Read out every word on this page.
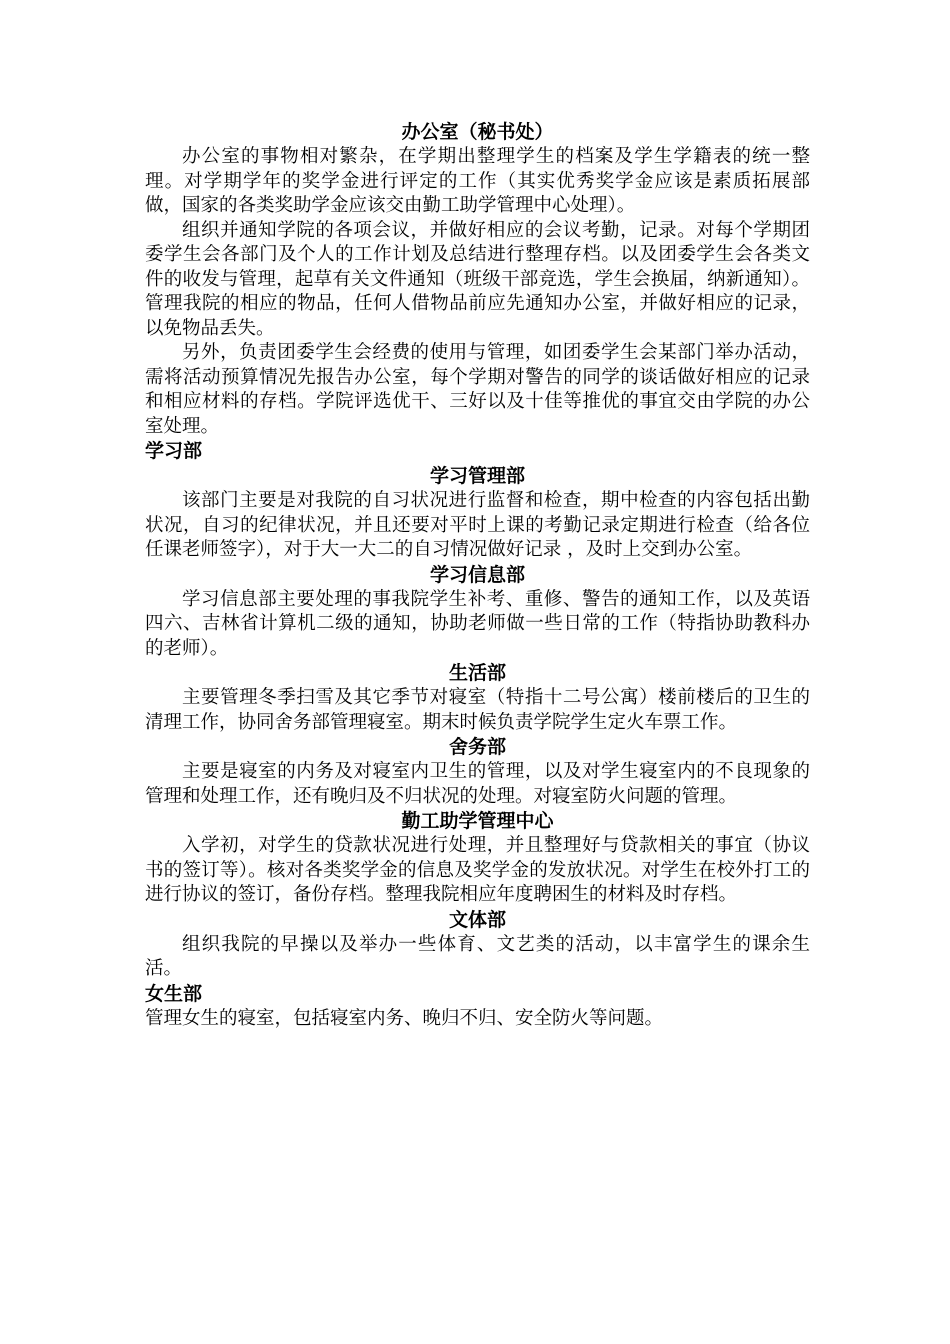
办公室（秘书处）

办公室的事物相对繁杂，在学期出整理学生的档案及学生学籍表的统一整理。对学期学年的奖学金进行评定的工作（其实优秀奖学金应该是素质拓展部做，国家的各类奖助学金应该交由勤工助学管理中心处理）。

组织并通知学院的各项会议，并做好相应的会议考勤，记录。对每个学期团委学生会各部门及个人的工作计划及总结进行整理存档。以及团委学生会各类文件的收发与管理，起草有关文件通知（班级干部竞选，学生会换届，纳新通知）。管理我院的相应的物品，任何人借物品前应先通知办公室，并做好相应的记录，以免物品丢失。

另外，负责团委学生会经费的使用与管理，如团委学生会某部门举办活动，需将活动预算情况先报告办公室，每个学期对警告的同学的谈话做好相应的记录和相应材料的存档。学院评选优干、三好以及十佳等推优的事宜交由学院的办公室处理。

学习部
学习管理部

该部门主要是对我院的自习状况进行监督和检查，期中检查的内容包括出勤状况，自习的纪律状况，并且还要对平时上课的考勤记录定期进行检查（给各位任课老师签字），对于大一大二的自习情况做好记录 ，及时上交到办公室。

学习信息部

学习信息部主要处理的事我院学生补考、重修、警告的通知工作，以及英语四六、吉林省计算机二级的通知，协助老师做一些日常的工作（特指协助教科办的老师）。

生活部

主要管理冬季扫雪及其它季节对寝室（特指十二号公寓）楼前楼后的卫生的清理工作，协同舍务部管理寝室。期末时候负责学院学生定火车票工作。

舍务部

主要是寝室的内务及对寝室内卫生的管理，以及对学生寝室内的不良现象的管理和处理工作，还有晚归及不归状况的处理。对寝室防火问题的管理。

勤工助学管理中心

入学初，对学生的贷款状况进行处理，并且整理好与贷款相关的事宜（协议书的签订等）。核对各类奖学金的信息及奖学金的发放状况。对学生在校外打工的进行协议的签订，备份存档。整理我院相应年度聘困生的材料及时存档。

文体部

组织我院的早操以及举办一些体育、文艺类的活动，以丰富学生的课余生活。

女生部

管理女生的寝室，包括寝室内务、晚归不归、安全防火等问题。
